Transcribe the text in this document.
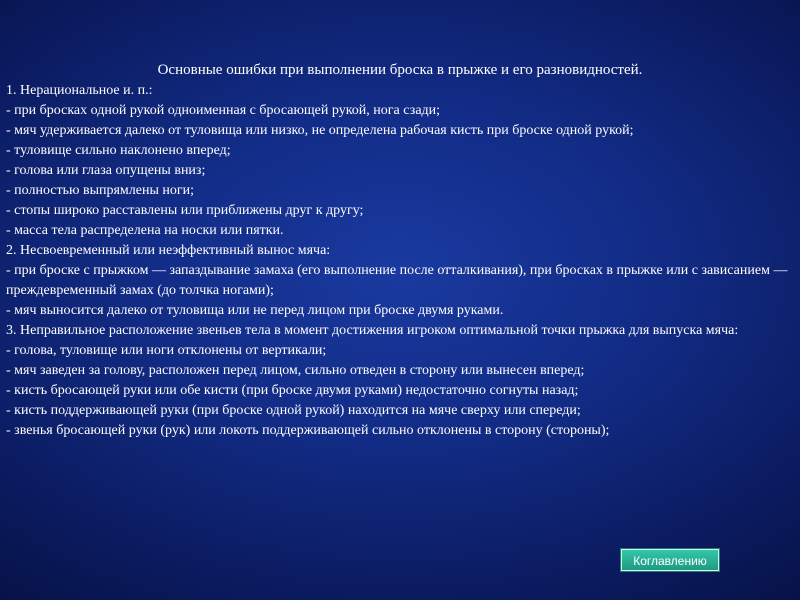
Основные ошибки при выполнении броска в прыжке и его разновидностей.

1. Нерациональное и. п.:

- при бросках одной рукой одноименная с бросающей рукой, нога сзади;

- мяч удерживается далеко от туловища или низко, не определена рабочая кисть при броске одной рукой;

- туловище сильно наклонено вперед;

- голова или глаза опущены вниз;

- полностью выпрямлены ноги;

- стопы широко расставлены или приближены друг к другу;

- масса тела распределена на носки или пятки.

2. Несвоевременный или неэффективный вынос мяча:

- при броске с прыжком — запаздывание замаха (его выполнение после отталкивания), при бросках в прыжке или с зависанием — преждевременный замах (до толчка ногами);

- мяч выносится далеко от туловища или не перед лицом при броске двумя руками.

3. Неправильное расположение звеньев тела в момент достижения игроком оптимальной точки прыжка для выпуска мяча:

- голова, туловище или ноги отклонены от вертикали;

- мяч заведен за голову, расположен перед лицом, сильно отведен в сторону или вынесен вперед;

- кисть бросающей руки или обе кисти (при броске двумя руками) недостаточно согнуты назад;

- кисть поддерживающей руки (при броске одной рукой) находится на мяче сверху или спереди;

- звенья бросающей руки (рук) или локоть поддерживающей сильно отклонены в сторону (стороны);

Коглавлению
